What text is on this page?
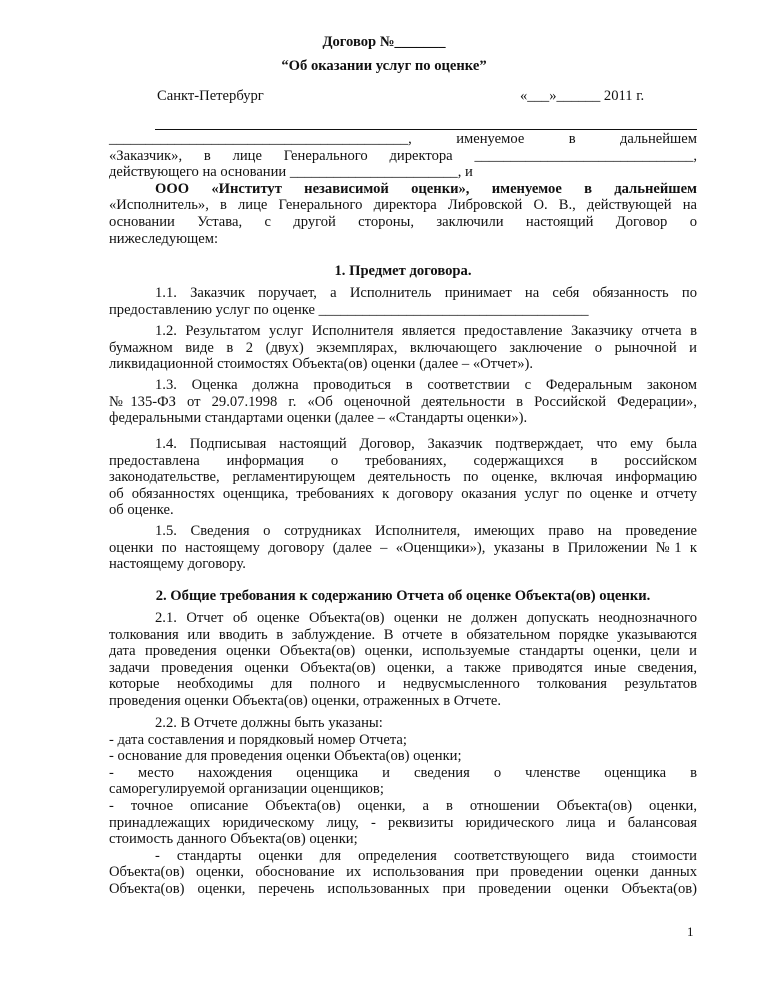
Договор №_______
“Об оказании услуг по оценке”
Санкт-Петербург	«___»______ 2011 г.
_________________________________________, именуемое в дальнейшем
«Заказчик», в лице Генерального директора ______________________________,
действующего на основании _______________________, и
ООО «Институт независимой оценки», именуемое в дальнейшем
«Исполнитель», в лице Генерального директора Либровской О. В., действующей на
основании Устава, с другой стороны, заключили настоящий Договор о
нижеследующем:
1. Предмет договора.
1.1. Заказчик поручает, а Исполнитель принимает на себя обязанность по
предоставлению услуг по оценке _____________________________________
1.2. Результатом услуг Исполнителя является предоставление Заказчику отчета в
бумажном виде в 2 (двух) экземплярах, включающего заключение о рыночной и
ликвидационной стоимостях Объекта(ов) оценки (далее – «Отчет»).
1.3. Оценка должна проводиться в соответствии с Федеральным законом
№135-ФЗ от 29.07.1998 г. «Об оценочной деятельности в Российской Федерации»,
федеральными стандартами оценки (далее – «Стандарты оценки»).
1.4. Подписывая настоящий Договор, Заказчик подтверждает, что ему была
предоставлена информация о требованиях, содержащихся в российском
законодательстве, регламентирующем деятельность по оценке, включая информацию
об обязанностях оценщика, требованиях к договору оказания услуг по оценке и отчету
об оценке.
1.5. Сведения о сотрудниках Исполнителя, имеющих право на проведение
оценки по настоящему договору (далее – «Оценщики»), указаны в Приложении №1 к
настоящему договору.
2. Общие требования к содержанию Отчета об оценке Объекта(ов) оценки.
2.1. Отчет об оценке Объекта(ов) оценки не должен допускать неоднозначного
толкования или вводить в заблуждение. В отчете в обязательном порядке указываются
дата проведения оценки Объекта(ов) оценки, используемые стандарты оценки, цели и
задачи проведения оценки Объекта(ов) оценки, а также приводятся иные сведения,
которые необходимы для полного и недвусмысленного толкования результатов
проведения оценки Объекта(ов) оценки, отраженных в Отчете.
2.2. В Отчете должны быть указаны:
- дата составления и порядковый номер Отчета;
- основание для проведения оценки Объекта(ов) оценки;
- место нахождения оценщика и сведения о членстве оценщика в
саморегулируемой организации оценщиков;
- точное описание Объекта(ов) оценки, а в отношении Объекта(ов) оценки,
принадлежащих юридическому лицу, - реквизиты юридического лица и балансовая
стоимость данного Объекта(ов) оценки;
- стандарты оценки для определения соответствующего вида стоимости
Объекта(ов) оценки, обоснование их использования при проведении оценки данных
Объекта(ов) оценки, перечень использованных при проведении оценки Объекта(ов)
1
